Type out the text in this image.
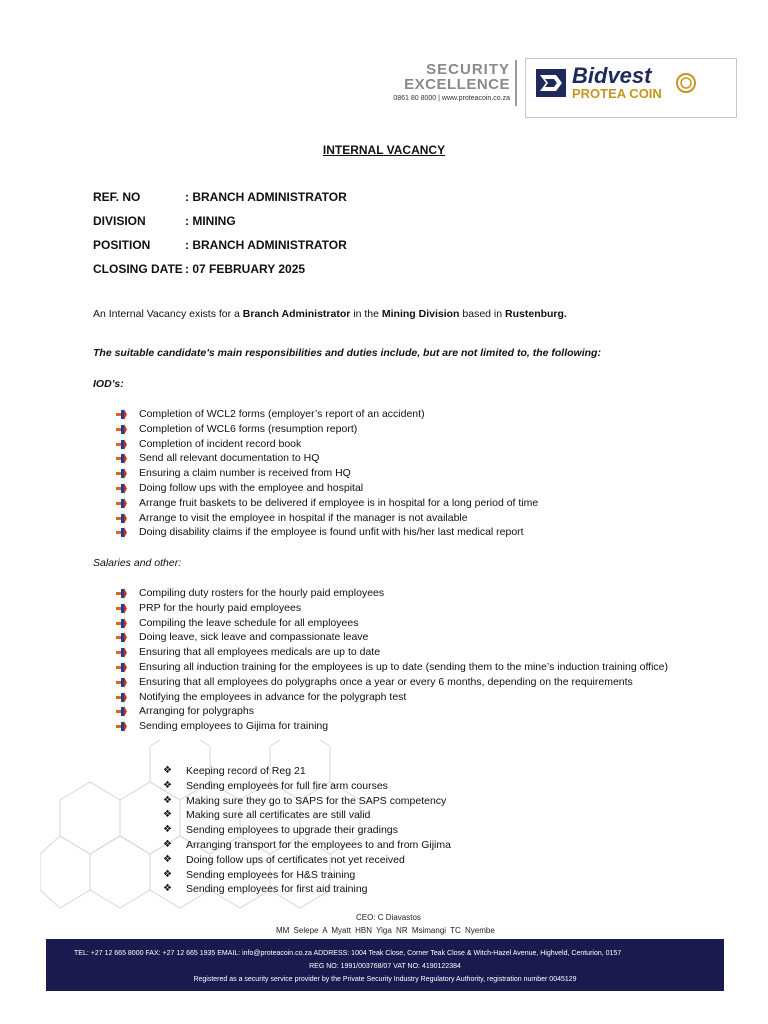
SECURITY
EXCELLENCE
0861 80 8000 | www.proteacoin.co.za
Bidvest
PROTEA COIN
INTERNAL VACANCY
REF. NO	: BRANCH ADMINISTRATOR
DIVISION	: MINING
POSITION	: BRANCH ADMINISTRATOR
CLOSING DATE : 07 FEBRUARY 2025
An Internal Vacancy exists for a Branch Administrator in the Mining Division based in Rustenburg.
The suitable candidate’s main responsibilities and duties include, but are not limited to, the following:
IOD’s:
Completion of WCL2 forms (employer’s report of an accident)
Completion of WCL6 forms (resumption report)
Completion of incident record book
Send all relevant documentation to HQ
Ensuring a claim number is received from HQ
Doing follow ups with the employee and hospital
Arrange fruit baskets to be delivered if employee is in hospital for a long period of time
Arrange to visit the employee in hospital if the manager is not available
Doing disability claims if the employee is found unfit with his/her last medical report
Salaries and other:
Compiling duty rosters for the hourly paid employees
PRP for the hourly paid employees
Compiling the leave schedule for all employees
Doing leave, sick leave and compassionate leave
Ensuring that all employees medicals are up to date
Ensuring all induction training for the employees is up to date (sending them to the mine’s induction training office)
Ensuring that all employees do polygraphs once a year or every 6 months, depending on the requirements
Notifying the employees in advance for the polygraph test
Arranging for polygraphs
Sending employees to Gijima for training
❖ Keeping record of Reg 21
❖ Sending employees for full fire arm courses
❖ Making sure they go to SAPS for the SAPS competency
❖ Making sure all certificates are still valid
❖ Sending employees to upgrade their gradings
❖ Arranging transport for the employees to and from Gijima
❖ Doing follow ups of certificates not yet received
❖ Sending employees for H&S training
❖ Sending employees for first aid training
CEO: C Diavastos
MM Selepe A Myatt HBN Yiga NR Msimangi TC Nyembe
TEL: +27 12 665 8000 FAX: +27 12 665 1935 EMAIL: info@proteacoin.co.za ADDRESS: 1004 Teak Close, Corner Teak Close & Witch-Hazel Avenue, Highveld, Centurion, 0157
REG NO: 1991/003768/07 VAT NO: 4190122384
Registered as a security service provider by the Private Security Industry Regulatory Authority, registration number 0045129
